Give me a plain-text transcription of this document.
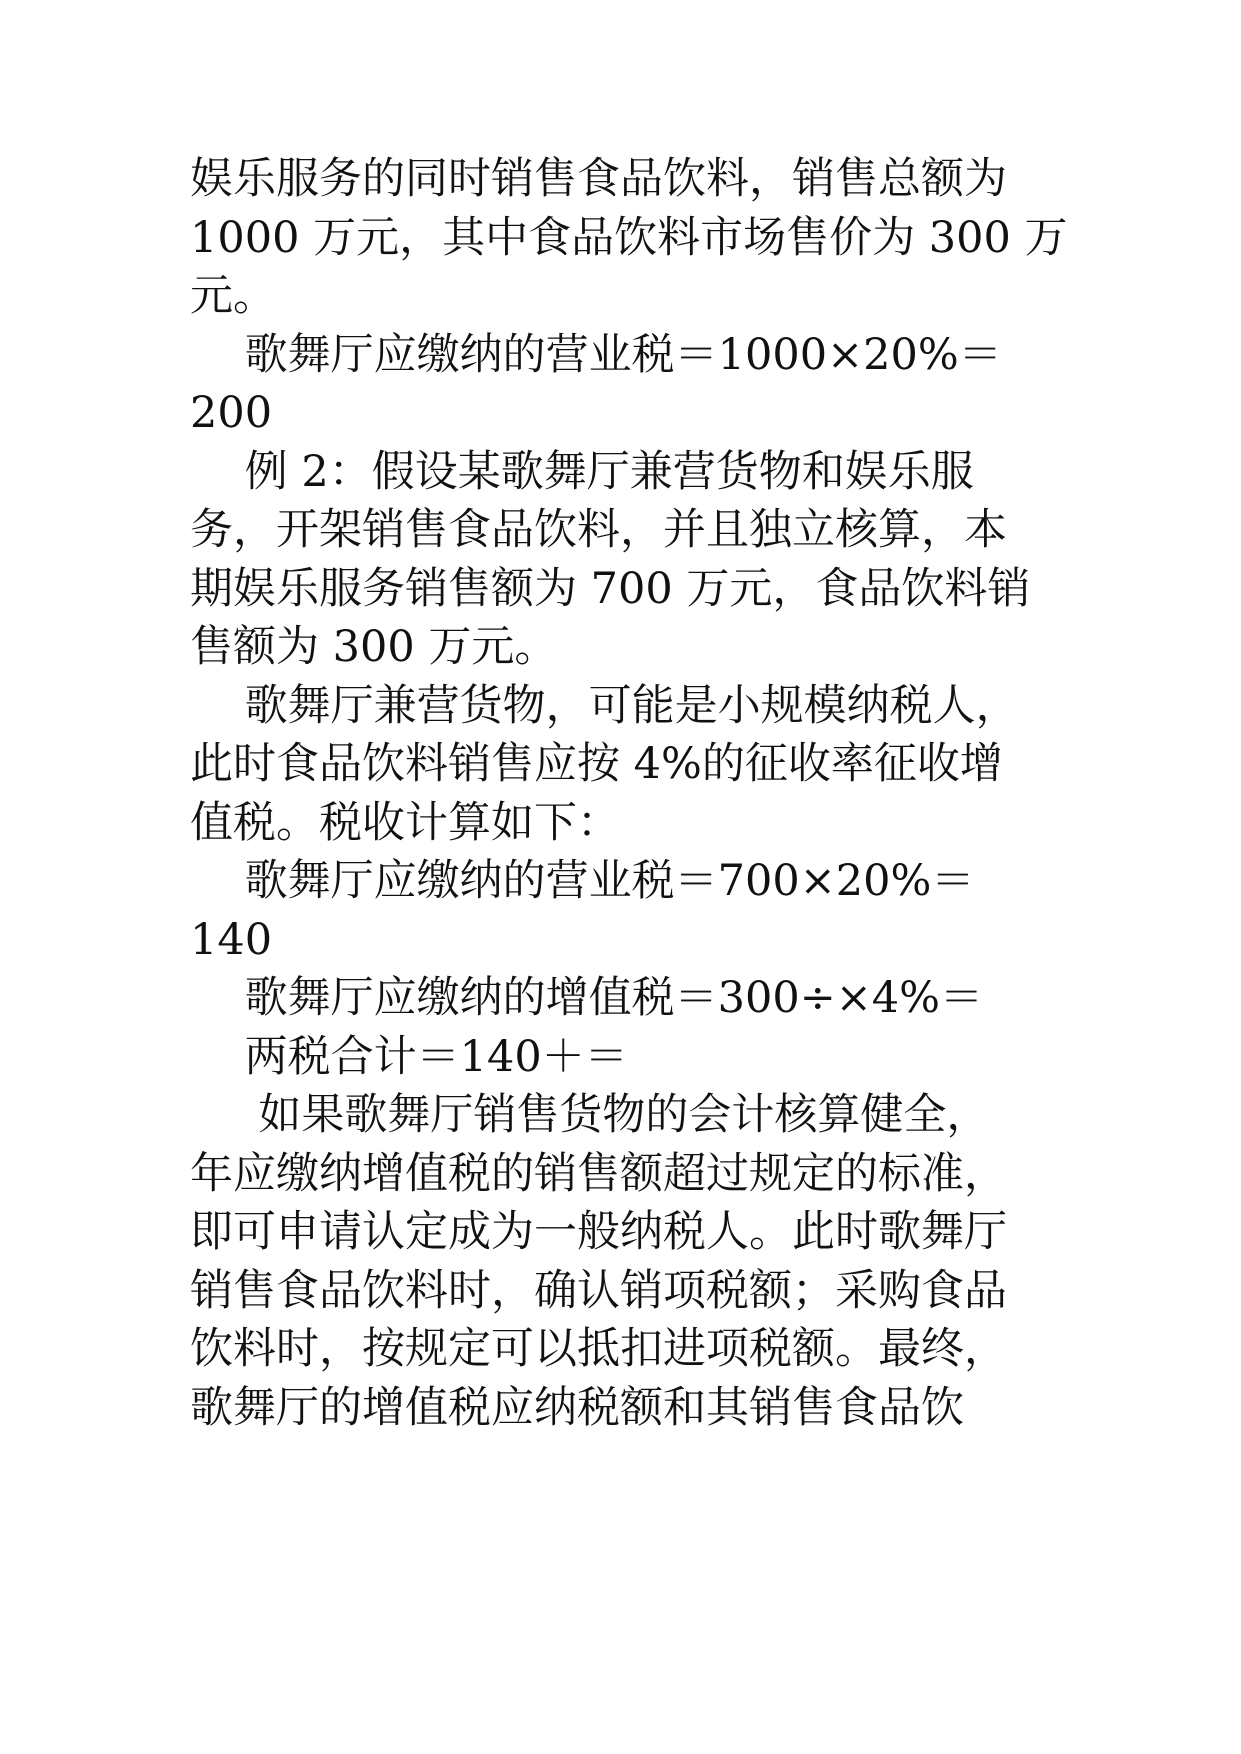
娱乐服务的同时销售食品饮料，销售总额为
1000 万元，其中食品饮料市场售价为 300 万
元。
歌舞厅应缴纳的营业税＝1000×20%＝
200
例 2：假设某歌舞厅兼营货物和娱乐服
务，开架销售食品饮料，并且独立核算，本
期娱乐服务销售额为 700 万元，食品饮料销
售额为 300 万元。
歌舞厅兼营货物，可能是小规模纳税人，
此时食品饮料销售应按 4%的征收率征收增
值税。税收计算如下：
歌舞厅应缴纳的营业税＝700×20%＝
140
歌舞厅应缴纳的增值税＝300÷×4%＝
两税合计＝140＋＝
如果歌舞厅销售货物的会计核算健全，
年应缴纳增值税的销售额超过规定的标准，
即可申请认定成为一般纳税人。此时歌舞厅
销售食品饮料时，确认销项税额；采购食品
饮料时，按规定可以抵扣进项税额。最终，
歌舞厅的增值税应纳税额和其销售食品饮
